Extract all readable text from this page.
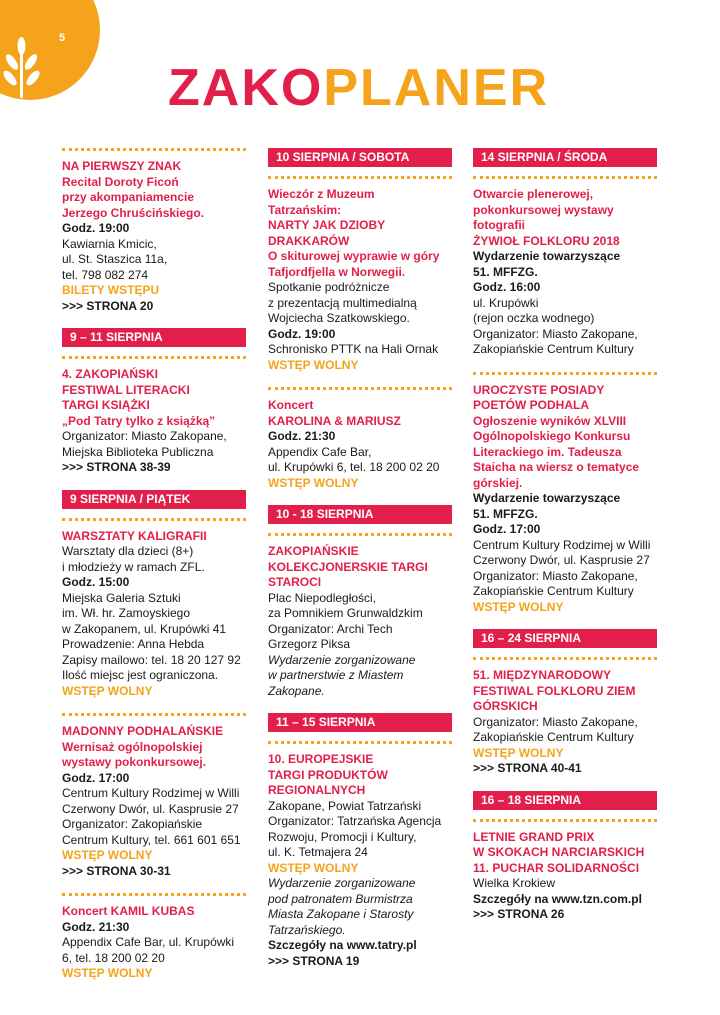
5
ZAKOPLANER
NA PIERWSZY ZNAK
Recital Doroty Ficoń
przy akompaniamencie
Jerzego Chruścińskiego.
Godz. 19:00
Kawiarnia Kmicic,
ul. St. Staszica 11a,
tel. 798 082 274
BILETY WSTĘPU
>>> STRONA 20
9 – 11 SIERPNIA
4. ZAKOPIAŃSKI
FESTIWAL LITERACKI
TARGI KSIĄŻKI
„Pod Tatry tylko z książką”
Organizator: Miasto Zakopane,
Miejska Biblioteka Publiczna
>>> STRONA 38-39
9 SIERPNIA / PIĄTEK
WARSZTATY KALIGRAFII
Warsztaty dla dzieci (8+)
i młodzieży w ramach ZFL.
Godz. 15:00
Miejska Galeria Sztuki
im. Wł. hr. Zamoyskiego
w Zakopanem, ul. Krupówki 41
Prowadzenie: Anna Hebda
Zapisy mailowo: tel. 18 20 127 92
Ilość miejsc jest ograniczona.
WSTĘP WOLNY
MADONNY PODHALAŃSKIE
Wernisaż ogólnopolskiej
wystawy pokonkursowej.
Godz. 17:00
Centrum Kultury Rodzimej w Willi
Czerwony Dwór, ul. Kasprusie 27
Organizator: Zakopiańskie
Centrum Kultury, tel. 661 601 651
WSTĘP WOLNY
>>> STRONA 30-31
Koncert KAMIL KUBAS
Godz. 21:30
Appendix Cafe Bar, ul. Krupówki
6, tel. 18 200 02 20
WSTĘP WOLNY
10 SIERPNIA / SOBOTA
Wieczór z Muzeum
Tatrzańskim:
NARTY JAK DZIOBY
DRAKKARÓW
O skiturowej wyprawie w góry
Tafjordfjella w Norwegii.
Spotkanie podróżnicze
z prezentacją multimedialną
Wojciecha Szatkowskiego.
Godz. 19:00
Schronisko PTTK na Hali Ornak
WSTĘP WOLNY
Koncert
KAROLINA & MARIUSZ
Godz. 21:30
Appendix Cafe Bar,
ul. Krupówki 6, tel. 18 200 02 20
WSTĘP WOLNY
10 - 18 SIERPNIA
ZAKOPIAŃSKIE
KOLEKCJONERSKIE TARGI
STAROCI
Plac Niepodległości,
za Pomnikiem Grunwaldzkim
Organizator: Archi Tech
Grzegorz Piksa
Wydarzenie zorganizowane
w partnerstwie z Miastem
Zakopane.
11 – 15 SIERPNIA
10. EUROPEJSKIE
TARGI PRODUKTÓW
REGIONALNYCH
Zakopane, Powiat Tatrzański
Organizator: Tatrzańska Agencja
Rozwoju, Promocji i Kultury,
ul. K. Tetmajera 24
WSTĘP WOLNY
Wydarzenie zorganizowane
pod patronatem Burmistrza
Miasta Zakopane i Starosty
Tatrzańskiego.
Szczegóły na www.tatry.pl
>>> STRONA 19
14 SIERPNIA / ŚRODA
Otwarcie plenerowej,
pokonkursowej wystawy
fotografii
ŻYWIOŁ FOLKLORU 2018
Wydarzenie towarzyszące
51. MFFZG.
Godz. 16:00
ul. Krupówki
(rejon oczka wodnego)
Organizator: Miasto Zakopane,
Zakopiańskie Centrum Kultury
UROCZYSTE POSIADY
POETÓW PODHALA
Ogłoszenie wyników XLVIII
Ogólnopolskiego Konkursu
Literackiego im. Tadeusza
Staicha na wiersz o tematyce
górskiej.
Wydarzenie towarzyszące
51. MFFZG.
Godz. 17:00
Centrum Kultury Rodzimej w Willi
Czerwony Dwór, ul. Kasprusie 27
Organizator: Miasto Zakopane,
Zakopiańskie Centrum Kultury
WSTĘP WOLNY
16 – 24 SIERPNIA
51. MIĘDZYNARODOWY
FESTIWAL FOLKLORU ZIEM
GÓRSKICH
Organizator: Miasto Zakopane,
Zakopiańskie Centrum Kultury
WSTĘP WOLNY
>>> STRONA 40-41
16 – 18 SIERPNIA
LETNIE GRAND PRIX
W SKOKACH NARCIARSKICH
11. PUCHAR SOLIDARNOŚCI
Wielka Krokiew
Szczegóły na www.tzn.com.pl
>>> STRONA 26
